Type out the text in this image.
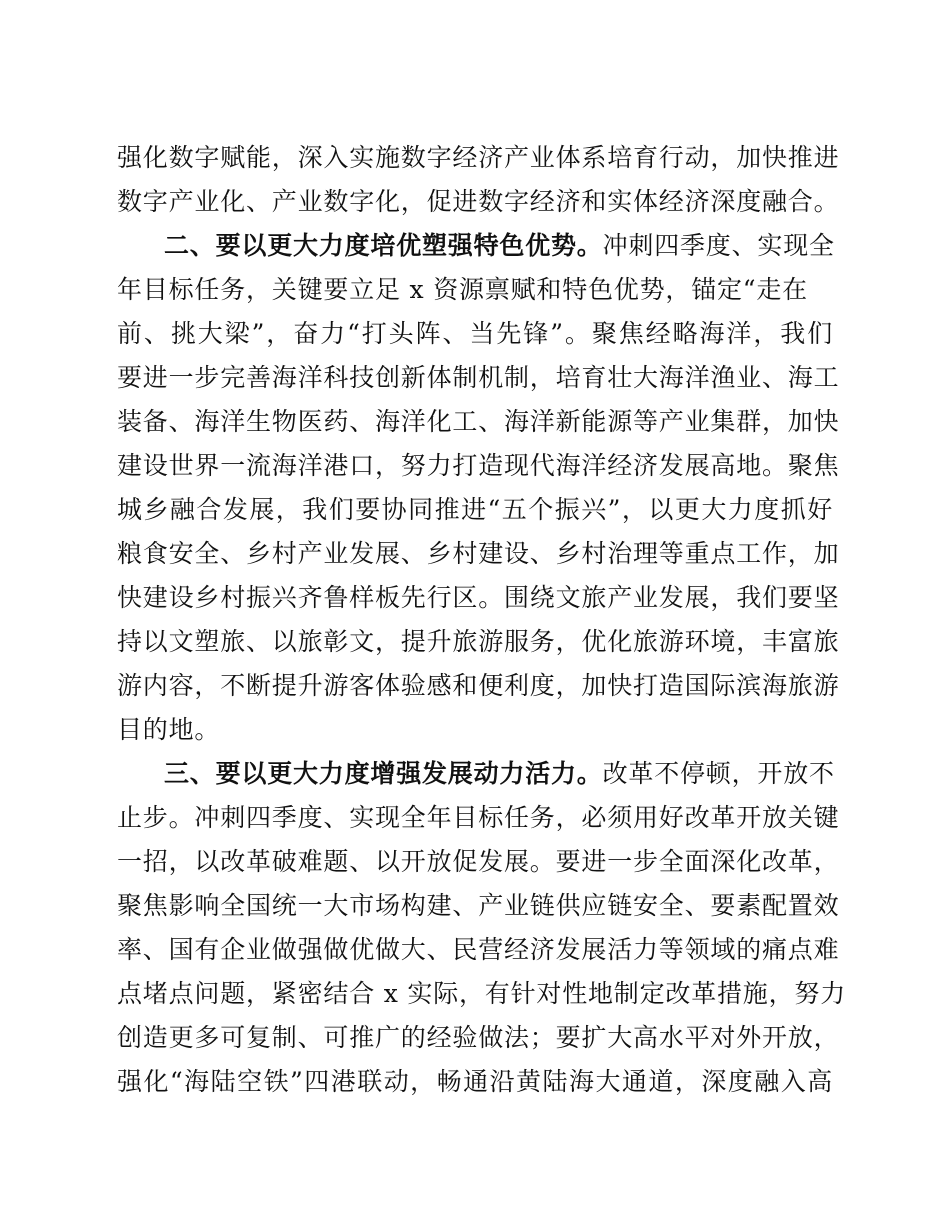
强化数字赋能，深入实施数字经济产业体系培育行动，加快推进
数字产业化、产业数字化，促进数字经济和实体经济深度融合。
二、要以更大力度培优塑强特色优势。冲刺四季度、实现全
年目标任务，关键要立足 x 资源禀赋和特色优势，锚定“走在
前、挑大梁”，奋力“打头阵、当先锋”。聚焦经略海洋，我们
要进一步完善海洋科技创新体制机制，培育壮大海洋渔业、海工
装备、海洋生物医药、海洋化工、海洋新能源等产业集群，加快
建设世界一流海洋港口，努力打造现代海洋经济发展高地。聚焦
城乡融合发展，我们要协同推进“五个振兴”，以更大力度抓好
粮食安全、乡村产业发展、乡村建设、乡村治理等重点工作，加
快建设乡村振兴齐鲁样板先行区。围绕文旅产业发展，我们要坚
持以文塑旅、以旅彰文，提升旅游服务，优化旅游环境，丰富旅
游内容，不断提升游客体验感和便利度，加快打造国际滨海旅游
目的地。
三、要以更大力度增强发展动力活力。改革不停顿，开放不
止步。冲刺四季度、实现全年目标任务，必须用好改革开放关键
一招，以改革破难题、以开放促发展。要进一步全面深化改革，
聚焦影响全国统一大市场构建、产业链供应链安全、要素配置效
率、国有企业做强做优做大、民营经济发展活力等领域的痛点难
点堵点问题，紧密结合 x 实际，有针对性地制定改革措施，努力
创造更多可复制、可推广的经验做法；要扩大高水平对外开放，
强化“海陆空铁”四港联动，畅通沿黄陆海大通道，深度融入高
